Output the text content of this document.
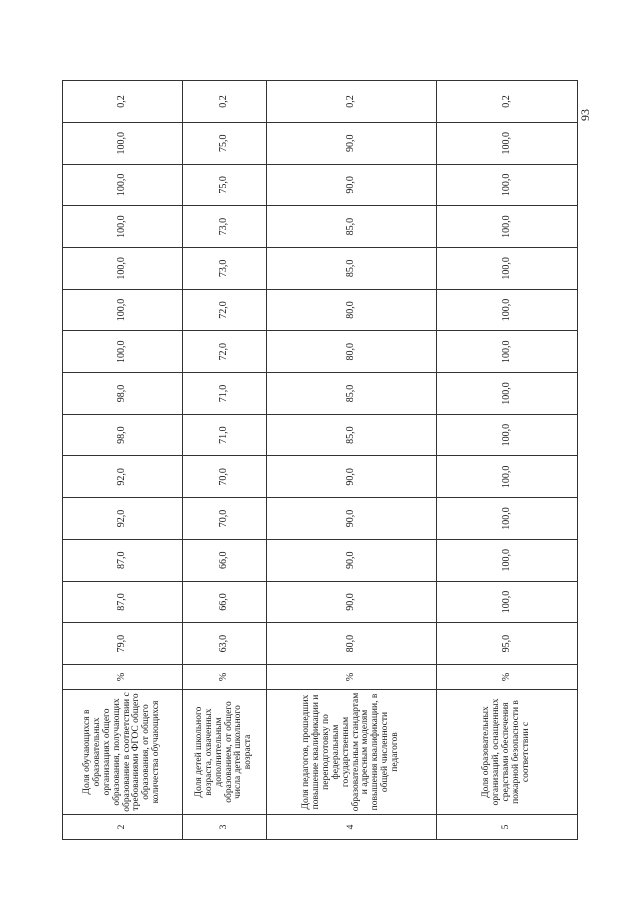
2	Доля обучающихся в образовательных организациях общего образования, получающих образование в соответствии с требованиями ФГОС общего образования, от общего количества обучающихся	%	79,0	87,0	87,0	92,0	92,0	98,0	98,0	100,0	100,0	100,0	100,0	100,0	100,0	0,2
3	Доля детей школьного возраста, охваченных дополнительным образованием, от общего числа детей школьного возраста	%	63,0	66,0	66,0	70,0	70,0	71,0	71,0	72,0	72,0	73,0	73,0	75,0	75,0	0,2
4	Доля педагогов, прошедших повышение квалификации и переподготовку по федеральным государственным образовательным стандартам и адресным моделям повышения квалификации, в общей численности педагогов	%	80,0	90,0	90,0	90,0	90,0	85,0	85,0	80,0	80,0	85,0	85,0	90,0	90,0	0,2
5	Доля образовательных организаций, оснащенных средствами обеспечения пожарной безопасности в соответствии с	%	95,0	100,0	100,0	100,0	100,0	100,0	100,0	100,0	100,0	100,0	100,0	100,0	100,0	0,2
93
